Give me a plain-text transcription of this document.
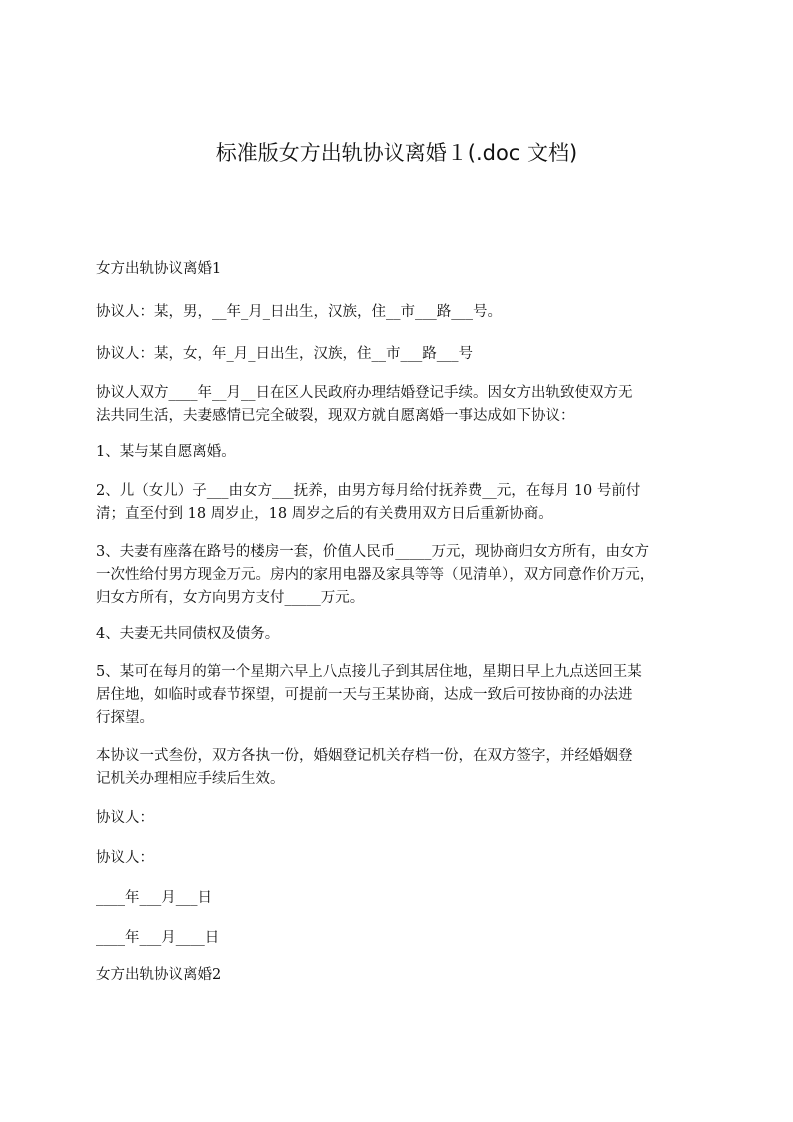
标准版女方出轨协议离婚１(.doc 文档)
女方出轨协议离婚1
协议人：某，男，__年_月_日出生，汉族，住__市___路___号。
协议人：某，女，年_月_日出生，汉族，住__市___路___号
协议人双方____年__月__日在区人民政府办理结婚登记手续。因女方出轨致使双方无
法共同生活，夫妻感情已完全破裂，现双方就自愿离婚一事达成如下协议：
1、某与某自愿离婚。
2、儿（女儿）子___由女方___抚养，由男方每月给付抚养费__元，在每月 10 号前付
清；直至付到 18 周岁止，18 周岁之后的有关费用双方日后重新协商。
3、夫妻有座落在路号的楼房一套，价值人民币_____万元，现协商归女方所有，由女方
一次性给付男方现金万元。房内的家用电器及家具等等（见清单），双方同意作价万元，
归女方所有，女方向男方支付_____万元。
4、夫妻无共同债权及债务。
5、某可在每月的第一个星期六早上八点接儿子到其居住地，星期日早上九点送回王某
居住地，如临时或春节探望，可提前一天与王某协商，达成一致后可按协商的办法进
行探望。
本协议一式叁份，双方各执一份，婚姻登记机关存档一份，在双方签字，并经婚姻登
记机关办理相应手续后生效。
协议人：
协议人：
____年___月___日
____年___月____日
女方出轨协议离婚2
